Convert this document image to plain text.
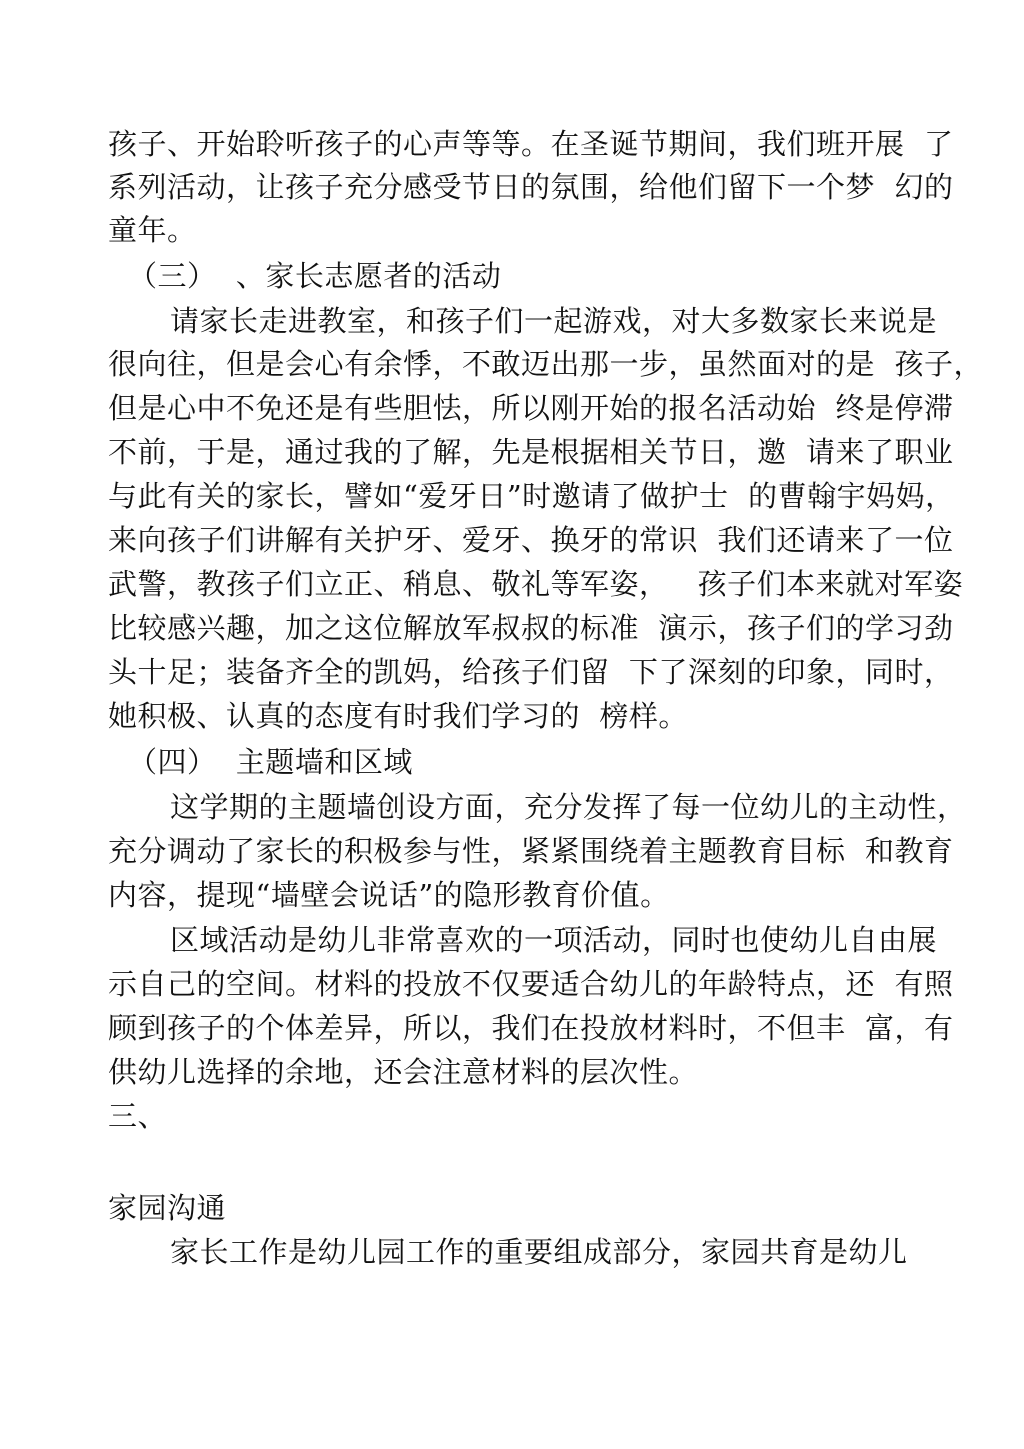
孩子、开始聆听孩子的心声等等。在圣诞节期间，我们班开展  了
系列活动，让孩子充分感受节日的氛围，给他们留下一个梦  幻的
童年。
（三）  、家长志愿者的活动
请家长走进教室，和孩子们一起游戏，对大多数家长来说是
很向往，但是会心有余悸，不敢迈出那一步，虽然面对的是  孩子，
但是心中不免还是有些胆怯，所以刚开始的报名活动始  终是停滞
不前，于是，通过我的了解，先是根据相关节日，邀  请来了职业
与此有关的家长，譬如“爱牙日”时邀请了做护士  的曹翰宇妈妈，
来向孩子们讲解有关护牙、爱牙、换牙的常识  我们还请来了一位
武警，教孩子们立正、稍息、敬礼等军姿，   孩子们本来就对军姿
比较感兴趣，加之这位解放军叔叔的标准  演示，孩子们的学习劲
头十足；装备齐全的凯妈，给孩子们留  下了深刻的印象，同时，
她积极、认真的态度有时我们学习的  榜样。
（四）  主题墙和区域
这学期的主题墙创设方面，充分发挥了每一位幼儿的主动性，
充分调动了家长的积极参与性，紧紧围绕着主题教育目标  和教育
内容，提现“墙壁会说话”的隐形教育价值。
区域活动是幼儿非常喜欢的一项活动，同时也使幼儿自由展
示自己的空间。材料的投放不仅要适合幼儿的年龄特点，还  有照
顾到孩子的个体差异，所以，我们在投放材料时，不但丰  富，有
供幼儿选择的余地，还会注意材料的层次性。
三、
家园沟通
家长工作是幼儿园工作的重要组成部分，家园共育是幼儿
